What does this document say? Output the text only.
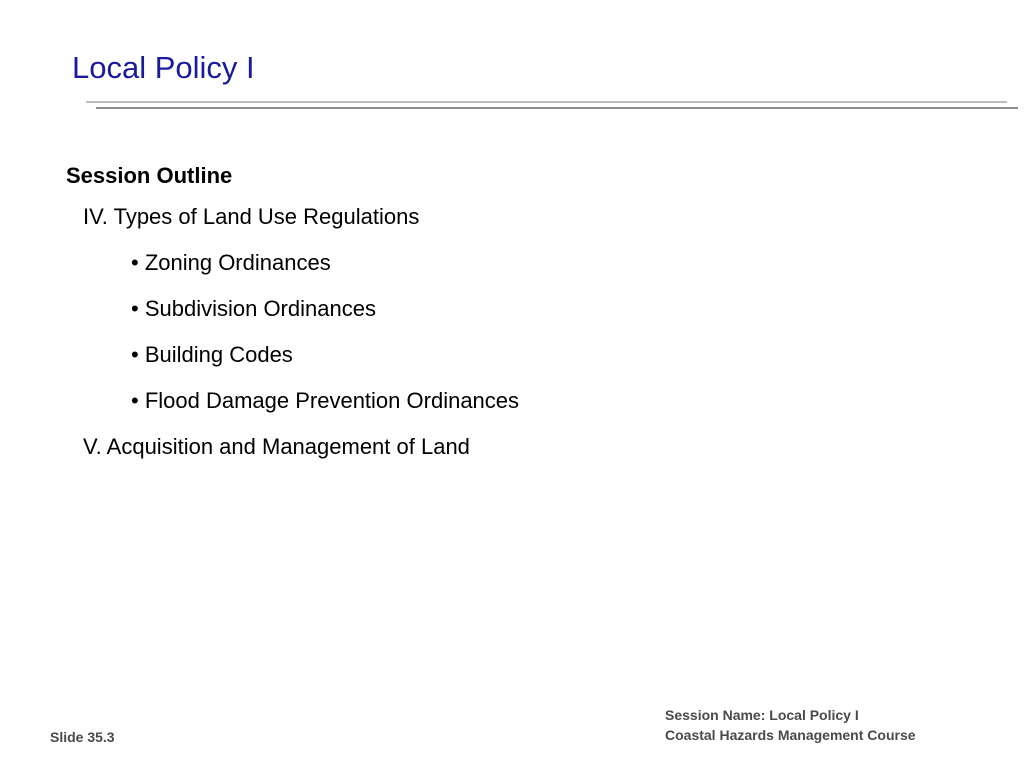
Local Policy I
Session Outline
IV. Types of Land Use Regulations
• Zoning Ordinances
• Subdivision Ordinances
• Building Codes
• Flood Damage Prevention Ordinances
V. Acquisition and Management of Land
Slide 35.3
Session Name: Local Policy I
Coastal Hazards Management Course
